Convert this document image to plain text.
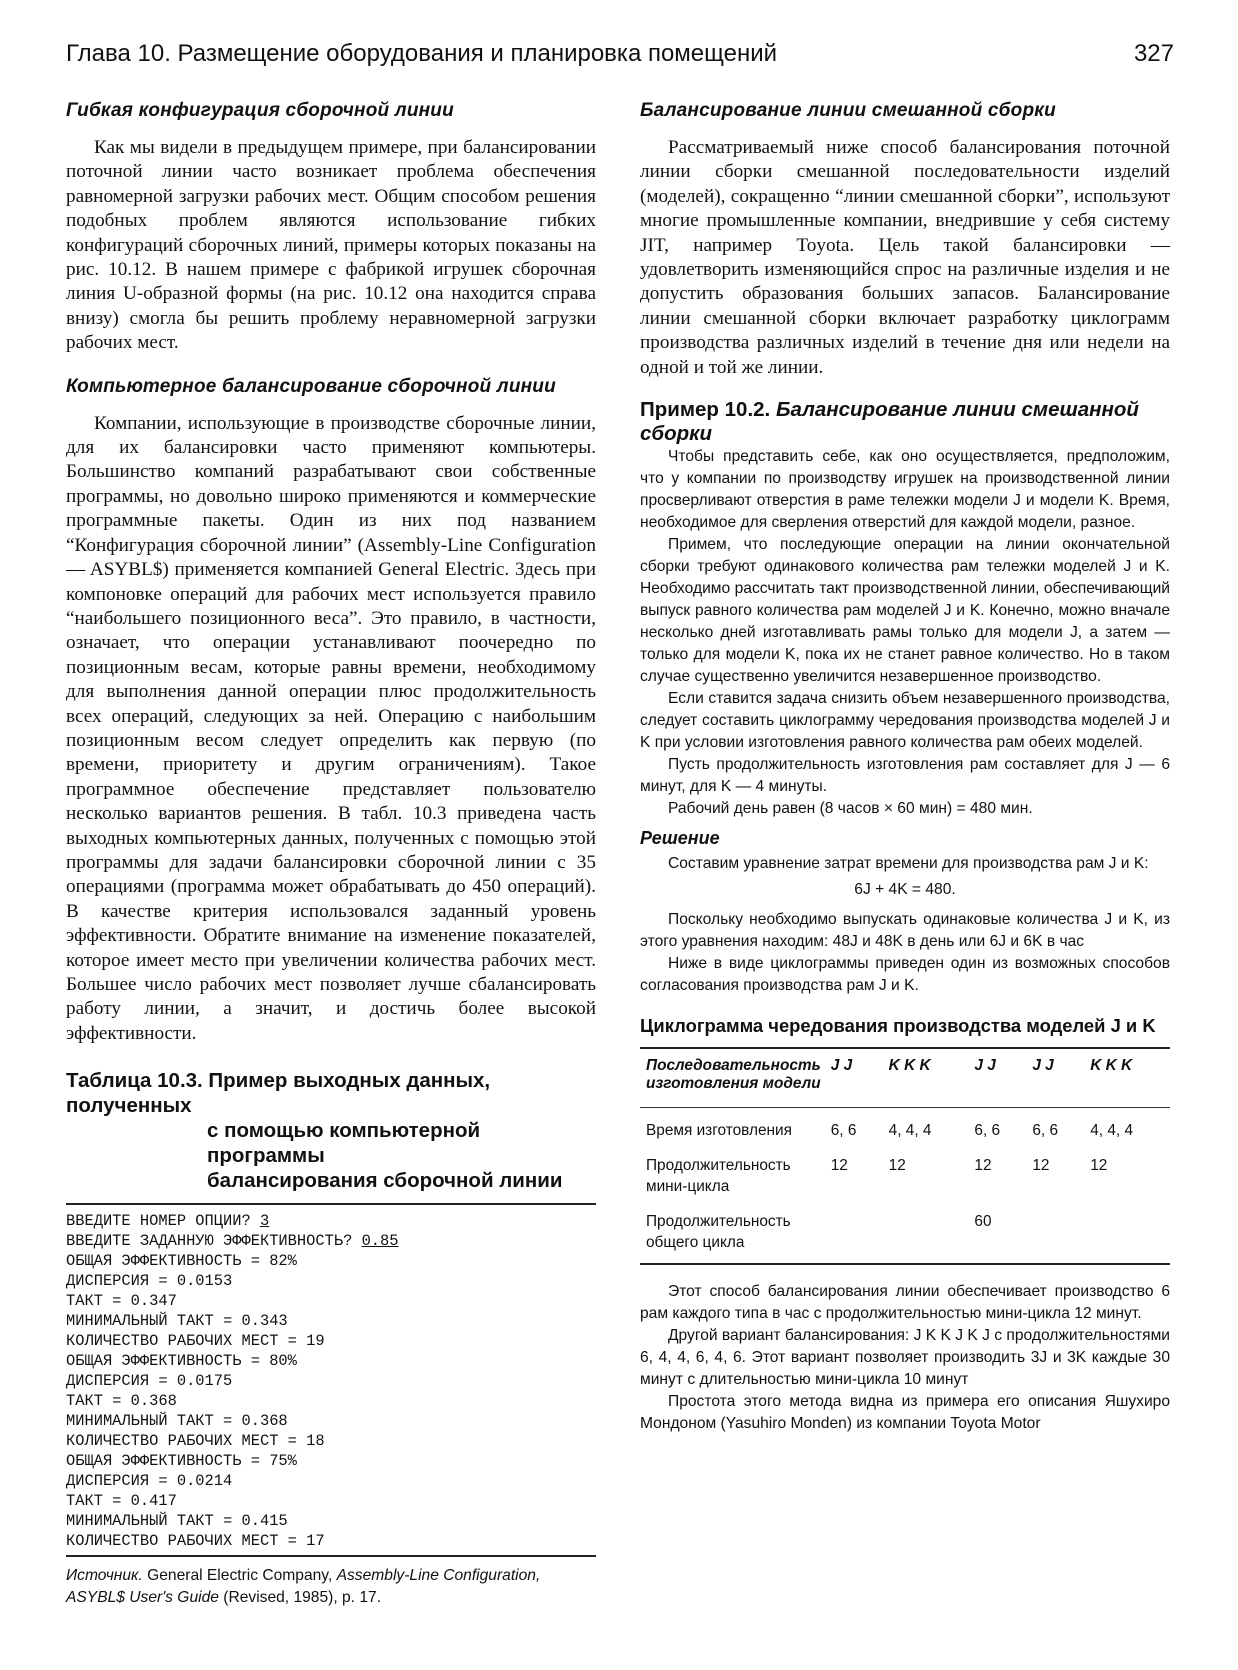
Глава 10. Размещение оборудования и планировка помещений	327
Гибкая конфигурация сборочной линии

Как мы видели в предыдущем примере, при балансировании поточной линии часто возникает проблема обеспечения равномерной загрузки рабочих мест. Общим способом решения подобных проблем являются использование гибких конфигураций сборочных линий, примеры которых показаны на рис. 10.12. В нашем примере с фабрикой игрушек сборочная линия U-образной формы (на рис. 10.12 она находится справа внизу) смогла бы решить проблему неравномерной загрузки рабочих мест.

Компьютерное балансирование сборочной линии

Компании, использующие в производстве сборочные линии, для их балансировки часто применяют компьютеры. Большинство компаний разрабатывают свои собственные программы, но довольно широко применяются и коммерческие программные пакеты. Один из них под названием “Конфигурация сборочной линии” (Assembly-Line Configuration — ASYBL$) применяется компанией General Electric. Здесь при компоновке операций для рабочих мест используется правило “наибольшего позиционного веса”. Это правило, в частности, означает, что операции устанавливают поочередно по позиционным весам, которые равны времени, необходимому для выполнения данной операции плюс продолжительность всех операций, следующих за ней. Операцию с наибольшим позиционным весом следует определить как первую (по времени, приоритету и другим ограничениям). Такое программное обеспечение представляет пользователю несколько вариантов решения. В табл. 10.3 приведена часть выходных компьютерных данных, полученных с помощью этой программы для задачи балансировки сборочной линии с 35 операциями (программа может обрабатывать до 450 операций). В качестве критерия использовался заданный уровень эффективности. Обратите внимание на изменение показателей, которое имеет место при увеличении количества рабочих мест. Большее число рабочих мест позволяет лучше сбалансировать работу линии, а значит, и достичь более высокой эффективности.

Таблица 10.3. Пример выходных данных, полученных
с помощью компьютерной программы
балансирования сборочной линии
ВВЕДИТЕ НОМЕР ОПЦИИ? 3
ВВЕДИТЕ ЗАДАННУЮ ЭФФЕКТИВНОСТЬ? 0.85
ОБЩАЯ ЭФФЕКТИВНОСТЬ = 82%
ДИСПЕРСИЯ = 0.0153
ТАКТ = 0.347
МИНИМАЛЬНЫЙ ТАКТ = 0.343
КОЛИЧЕСТВО РАБОЧИХ МЕСТ = 19
ОБЩАЯ ЭФФЕКТИВНОСТЬ = 80%
ДИСПЕРСИЯ = 0.0175
ТАКТ = 0.368
МИНИМАЛЬНЫЙ ТАКТ = 0.368
КОЛИЧЕСТВО РАБОЧИХ МЕСТ = 18
ОБЩАЯ ЭФФЕКТИВНОСТЬ = 75%
ДИСПЕРСИЯ = 0.0214
ТАКТ = 0.417
МИНИМАЛЬНЫЙ ТАКТ = 0.415
КОЛИЧЕСТВО РАБОЧИХ МЕСТ = 17
Источник. General Electric Company, Assembly-Line Configuration, ASYBL$ User's Guide (Revised, 1985), p. 17.
Балансирование линии смешанной сборки

Рассматриваемый ниже способ балансирования поточной линии сборки смешанной последовательности изделий (моделей), сокращенно “линии смешанной сборки”, используют многие промышленные компании, внедрившие у себя систему JIT, например Toyota. Цель такой балансировки — удовлетворить изменяющийся спрос на различные изделия и не допустить образования больших запасов. Балансирование линии смешанной сборки включает разработку циклограмм производства различных изделий в течение дня или недели на одной и той же линии.

Пример 10.2. Балансирование линии смешанной сборки

Чтобы представить себе, как оно осуществляется, предположим, что у компании по производству игрушек на производственной линии просверливают отверстия в раме тележки модели J и модели K. Время, необходимое для сверления отверстий для каждой модели, разное.

Примем, что последующие операции на линии окончательной сборки требуют одинакового количества рам тележки моделей J и K. Необходимо рассчитать такт производственной линии, обеспечивающий выпуск равного количества рам моделей J и K. Конечно, можно вначале несколько дней изготавливать рамы только для модели J, а затем — только для модели K, пока их не станет равное количество. Но в таком случае существенно увеличится незавершенное производство.

Если ставится задача снизить объем незавершенного производства, следует составить циклограмму чередования производства моделей J и K при условии изготовления равного количества рам обеих моделей.

Пусть продолжительность изготовления рам составляет для J — 6 минут, для K — 4 минуты.

Рабочий день равен (8 часов × 60 мин) = 480 мин.

Решение

Составим уравнение затрат времени для производства рам J и K:

6J + 4K = 480.

Поскольку необходимо выпускать одинаковые количества J и K, из этого уравнения находим: 48J и 48K в день или 6J и 6K в час

Ниже в виде циклограммы приведен один из возможных способов согласования производства рам J и K.

Циклограмма чередования производства моделей J и K
Последовательность изготовления модели	J J	K K K	J J	J J	K K K
Время изготовления	6, 6	4, 4, 4	6, 6	6, 6	4, 4, 4
Продолжительность мини-цикла	12	12	12	12	12
Продолжительность общего цикла			60		

Этот способ балансирования линии обеспечивает производство 6 рам каждого типа в час с продолжительностью мини-цикла 12 минут.

Другой вариант балансирования: J K K J K J с продолжительностями 6, 4, 4, 6, 4, 6. Этот вариант позволяет производить 3J и 3K каждые 30 минут с длительностью мини-цикла 10 минут

Простота этого метода видна из примера его описания Яшухиро Мондоном (Yasuhiro Monden) из компании Toyota Motor
